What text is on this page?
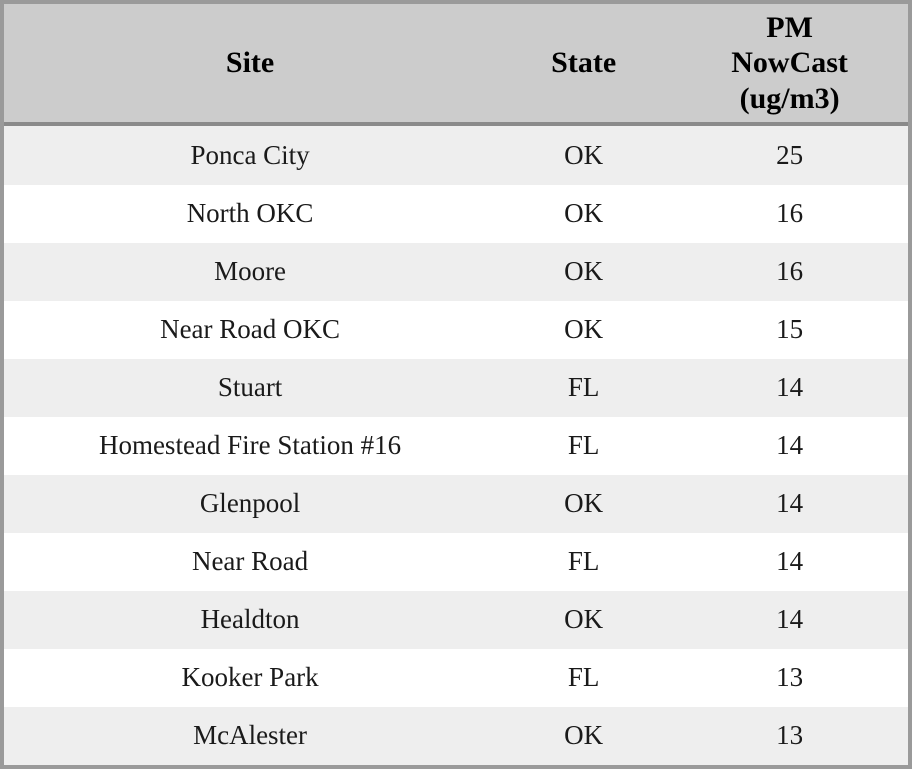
Site	State	PM
NowCast
(ug/m3)

Ponca City	OK	25
North OKC	OK	16
Moore	OK	16
Near Road OKC	OK	15
Stuart	FL	14
Homestead Fire Station #16	FL	14
Glenpool	OK	14
Near Road	FL	14
Healdton	OK	14
Kooker Park	FL	13
McAlester	OK	13
